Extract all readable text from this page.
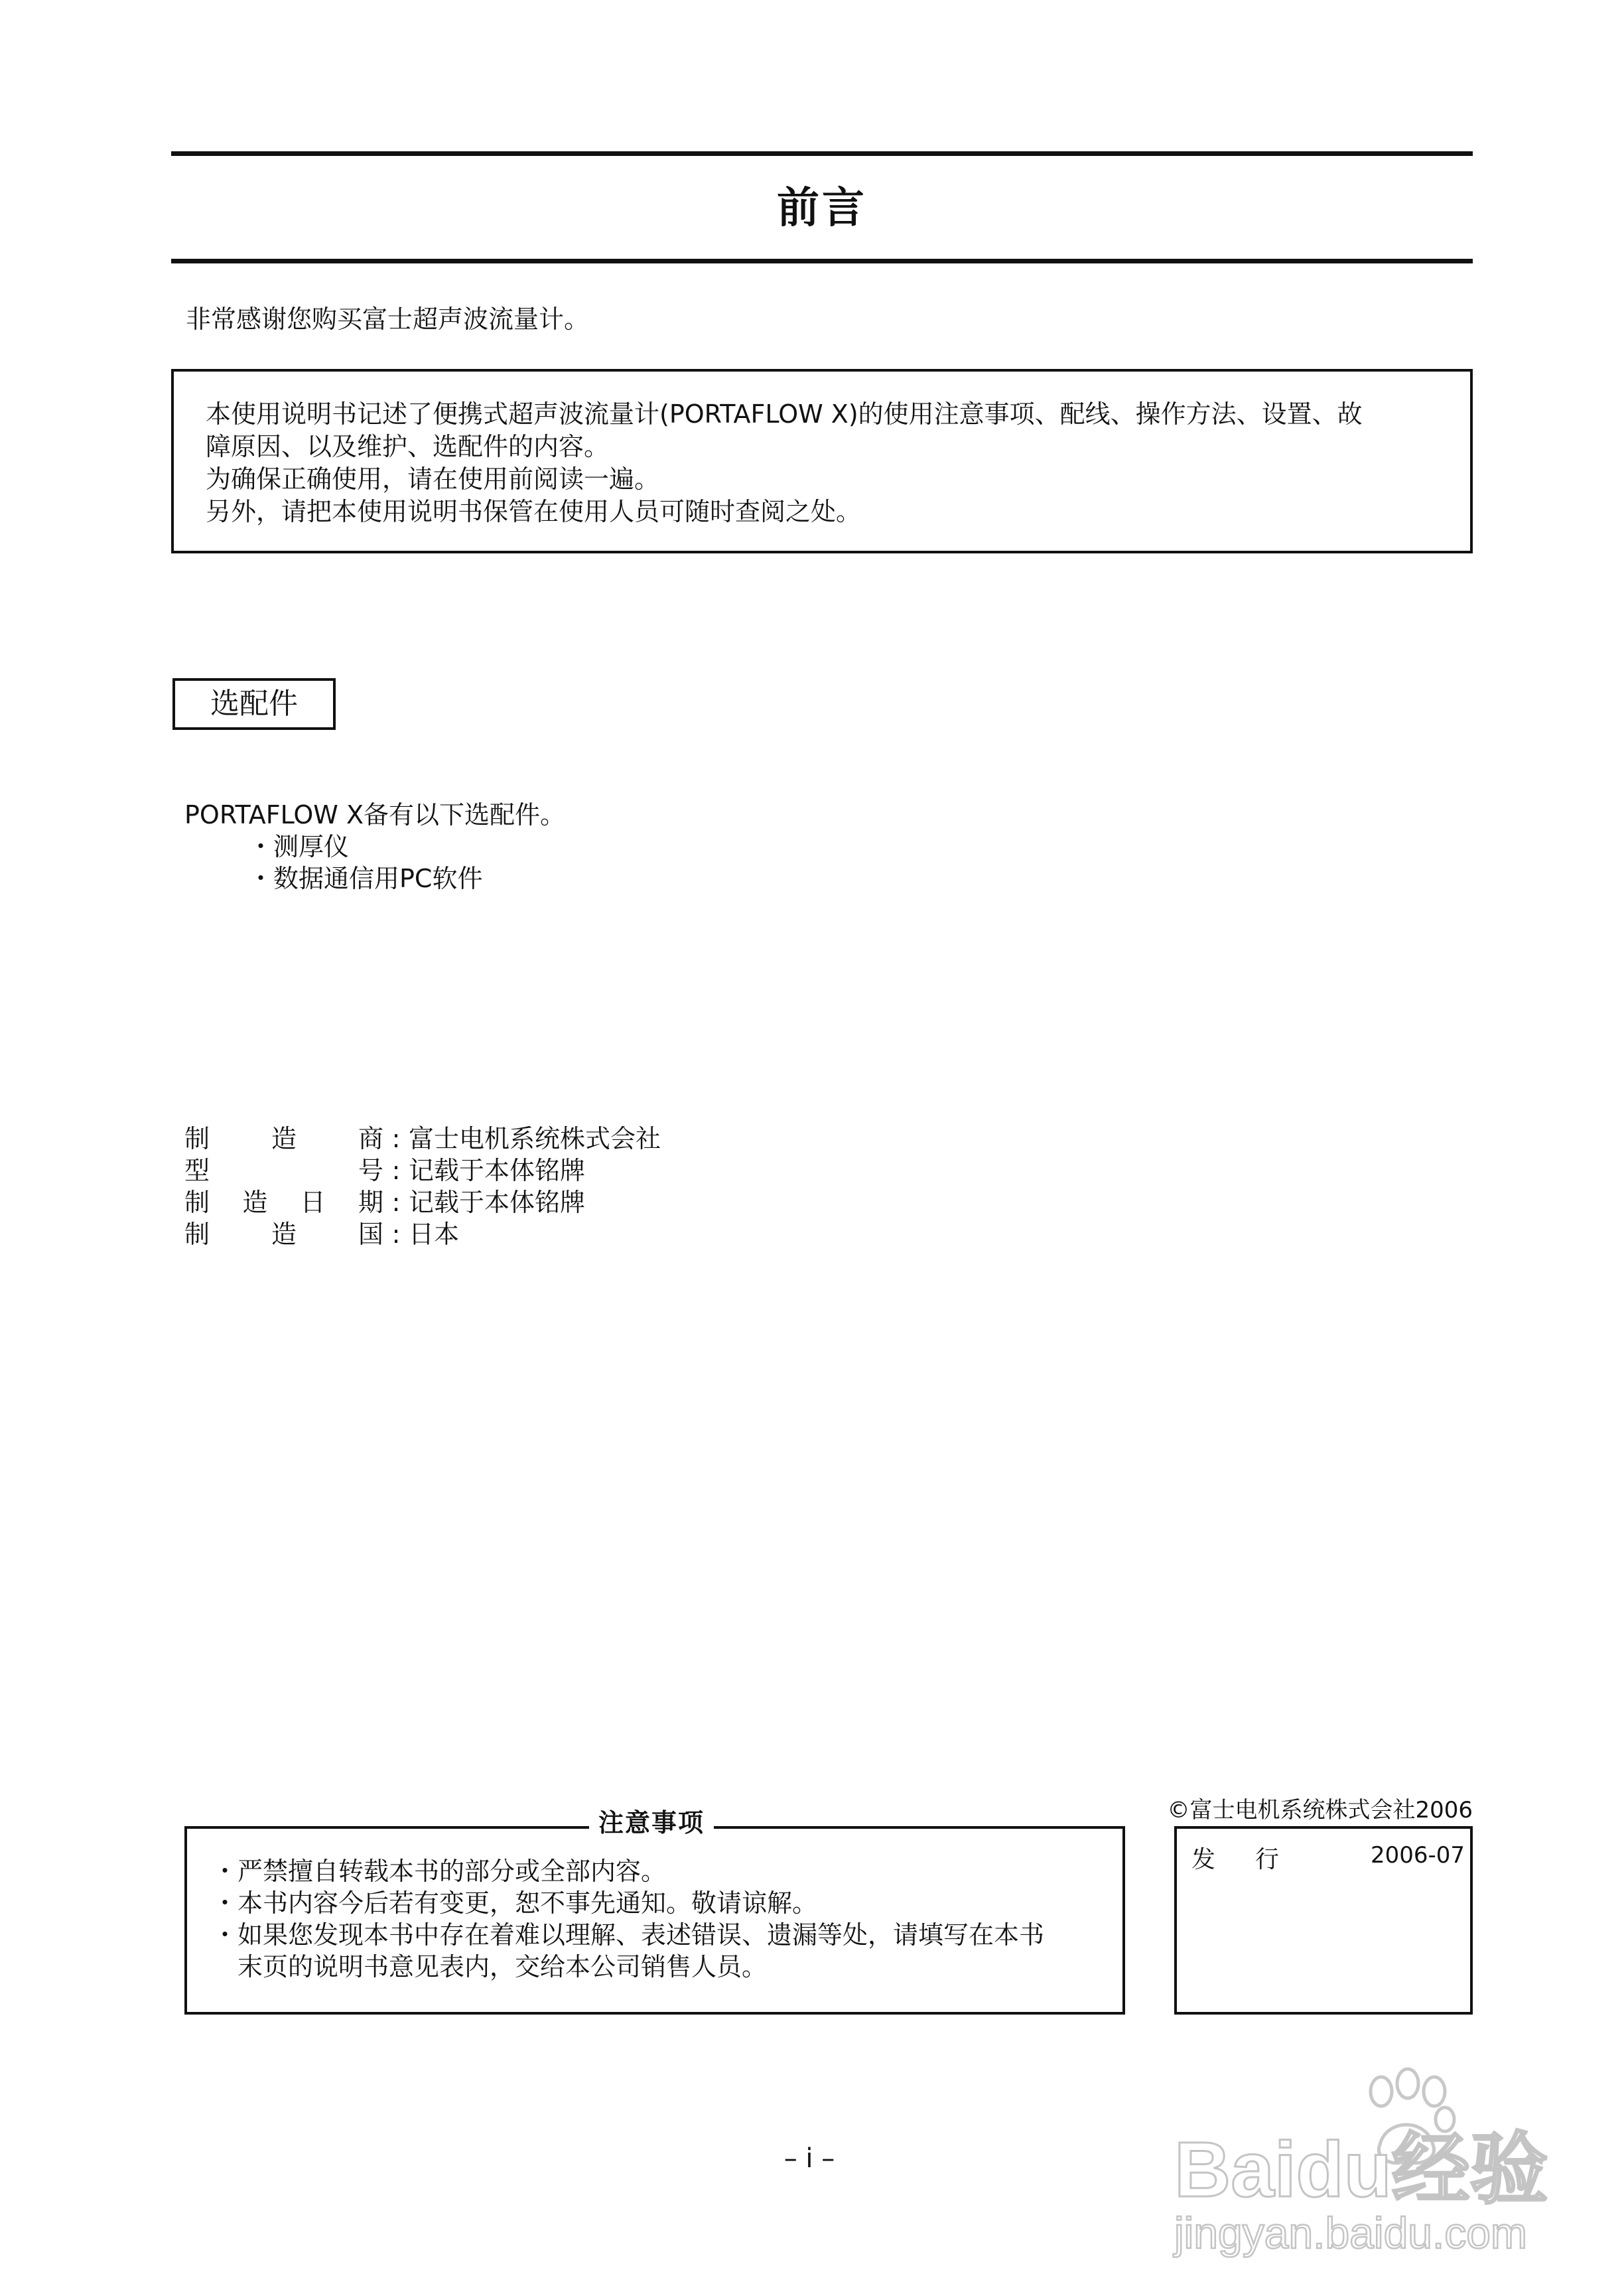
前言
非常感谢您购买富士超声波流量计。
本使用说明书记述了便携式超声波流量计(PORTAFLOW X)的使用注意事项、配线、操作方法、设置、故
障原因、以及维护、选配件的内容。
为确保正确使用，请在使用前阅读一遍。
另外，请把本使用说明书保管在使用人员可随时查阅之处。
选配件
PORTAFLOW X备有以下选配件。
・测厚仪
・数据通信用PC软件
制造商 : 富士电机系统株式会社
型号 : 记载于本体铭牌
制造日期 : 记载于本体铭牌
制造国 : 日本
©富士电机系统株式会社2006
注意事项
・严禁擅自转载本书的部分或全部内容。
・本书内容今后若有变更，恕不事先通知。敬请谅解。
・如果您发现本书中存在着难以理解、表述错误、遗漏等处，请填写在本书
　末页的说明书意见表内，交给本公司销售人员。
发行 2006-07
– i –	Baidu经验
jingyan.baidu.com
